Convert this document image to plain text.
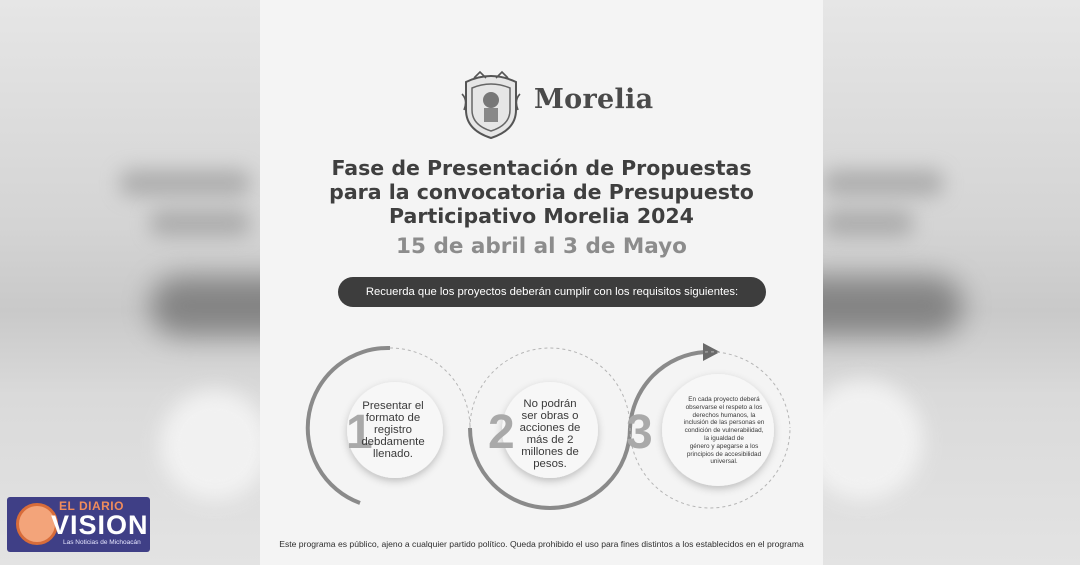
Morelia
Fase de Presentación de Propuestas
para la convocatoria de Presupuesto
Participativo Morelia 2024
15 de abril al 3 de Mayo
Recuerda que los proyectos deberán cumplir con los requisitos siguientes:
1 2 3
Presentar el
formato de
registro
debdamente
llenado.
No podrán
ser obras o
acciones de
más de 2
millones de
pesos.
En cada proyecto deberá
observarse el respeto a los
derechos humanos, la
inclusión de las personas en
condición de vulnerabilidad,
la igualdad de
género y apegarse a los
principios de accesibilidad
universal.
Este programa es público, ajeno a cualquier partido político. Queda prohibido el uso para fines distintos a los establecidos en el programa
EL DIARIO
VISION
Las Noticias de Michoacán
